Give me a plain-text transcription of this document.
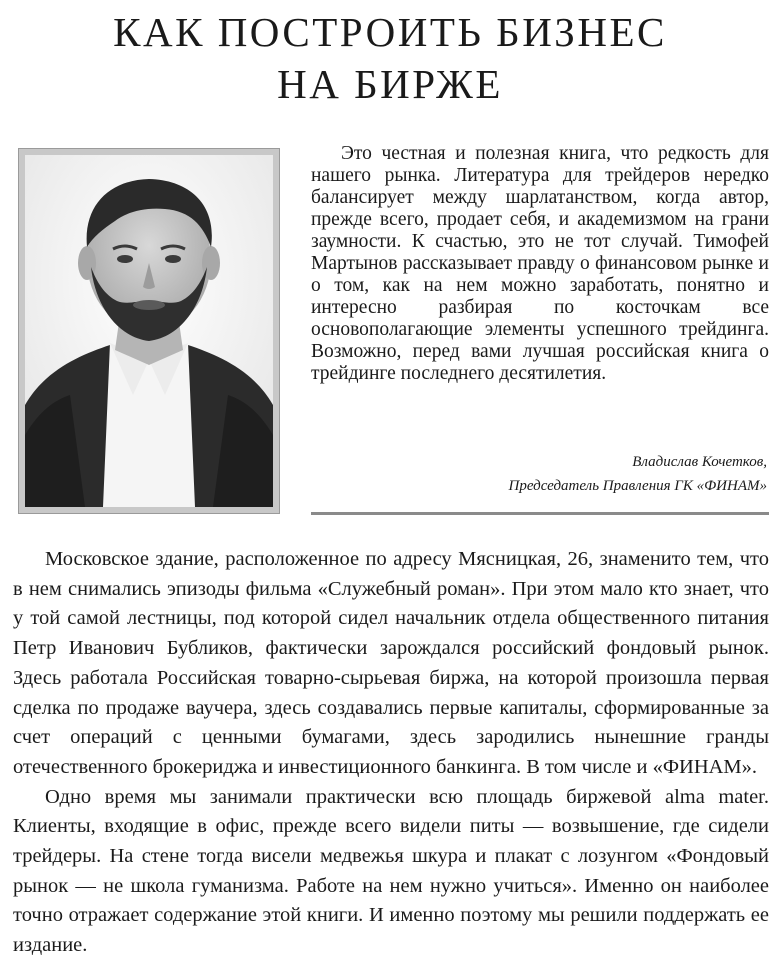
КАК ПОСТРОИТЬ БИЗНЕС
НА БИРЖЕ

Это честная и полезная книга, что редкость для нашего рынка. Литература для трейдеров нередко балансирует между шарлатанством, когда автор, прежде всего, продает себя, и академизмом на грани заумности. К счастью, это не тот случай. Тимофей Мартынов рассказывает правду о финансовом рынке и о том, как на нем можно заработать, понятно и интересно разбирая по косточкам все основополагающие элементы успешного трейдинга. Возможно, перед вами лучшая российская книга о трейдинге последнего десятилетия.

Владислав Кочетков,
Председатель Правления ГК «ФИНАМ»

Московское здание, расположенное по адресу Мясницкая, 26, знаменито тем, что в нем снимались эпизоды фильма «Служебный роман». При этом мало кто знает, что у той самой лестницы, под которой сидел начальник отдела общественного питания Петр Иванович Бубликов, фактически зарождался российский фондовый рынок. Здесь работала Российская товарно-сырьевая биржа, на которой произошла первая сделка по продаже ваучера, здесь создавались первые капиталы, сформированные за счет операций с ценными бумагами, здесь зародились нынешние гранды отечественного брокериджа и инвестиционного банкинга. В том числе и «ФИНАМ».

Одно время мы занимали практически всю площадь биржевой alma mater. Клиенты, входящие в офис, прежде всего видели питы — возвышение, где сидели трейдеры. На стене тогда висели медвежья шкура и плакат с лозунгом «Фондовый рынок — не школа гуманизма. Работе на нем нужно учиться». Именно он наиболее точно отражает содержание этой книги. И именно поэтому мы решили поддержать ее издание.
